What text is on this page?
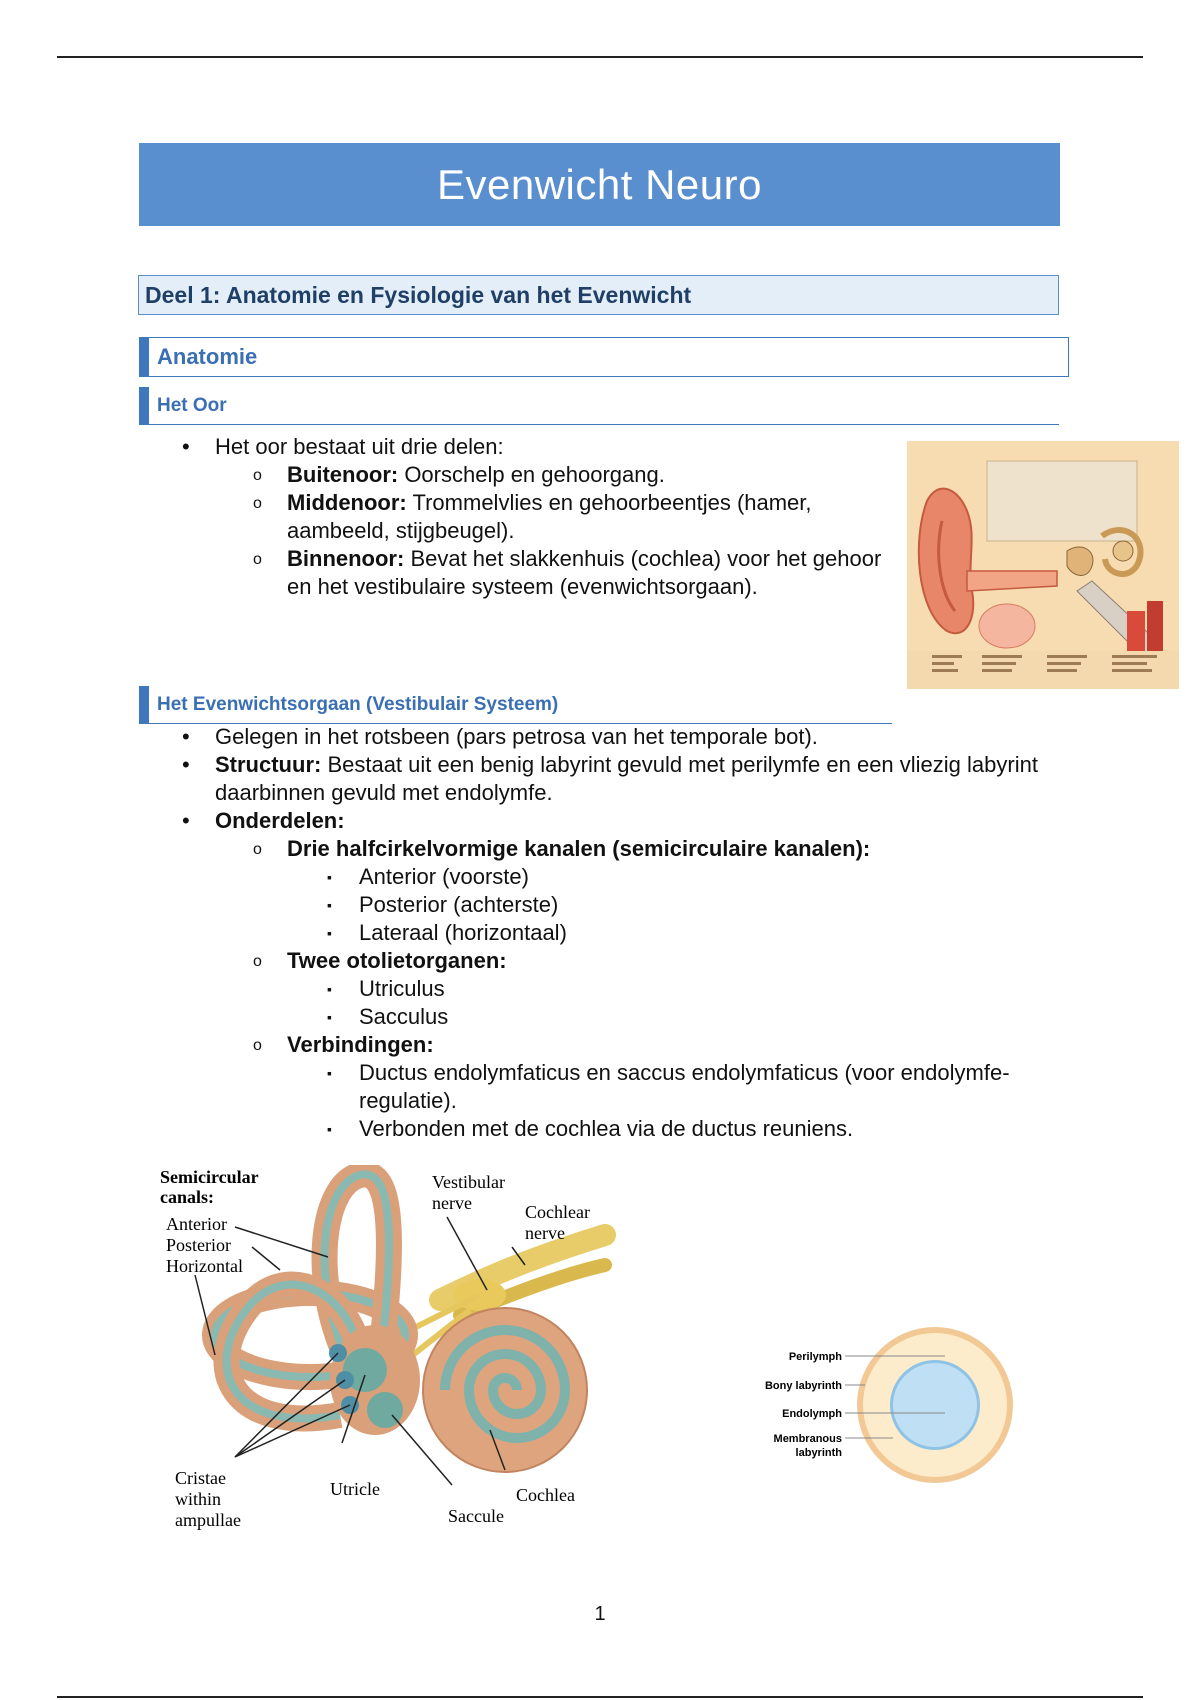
Evenwicht Neuro
Deel 1: Anatomie en Fysiologie van het Evenwicht
Anatomie
Het Oor
• Het oor bestaat uit drie delen:
o Buitenoor: Oorschelp en gehoorgang.
o Middenoor: Trommelvlies en gehoorbeentjes (hamer, aambeeld, stijgbeugel).
o Binnenoor: Bevat het slakkenhuis (cochlea) voor het gehoor en het vestibulaire systeem (evenwichtsorgaan).
Het Evenwichtsorgaan (Vestibulair Systeem)
• Gelegen in het rotsbeen (pars petrosa van het temporale bot).
• Structuur: Bestaat uit een benig labyrint gevuld met perilymfe en een vliezig labyrint daarbinnen gevuld met endolymfe.
• Onderdelen:
o Drie halfcirkelvormige kanalen (semicirculaire kanalen):
▪ Anterior (voorste)
▪ Posterior (achterste)
▪ Lateraal (horizontaal)
o Twee otolietorganen:
▪ Utriculus
▪ Sacculus
o Verbindingen:
▪ Ductus endolymfaticus en saccus endolymfaticus (voor endolymfe-regulatie).
▪ Verbonden met de cochlea via de ductus reuniens.
Semicircular
canals:
Anterior
Posterior
Horizontal
Vestibular
nerve	Cochlear
nerve
Cristae
within
ampullae
Utricle
Saccule
Cochlea
Perilymph
Bony labyrinth
Endolymph
Membranous
labyrinth
1
